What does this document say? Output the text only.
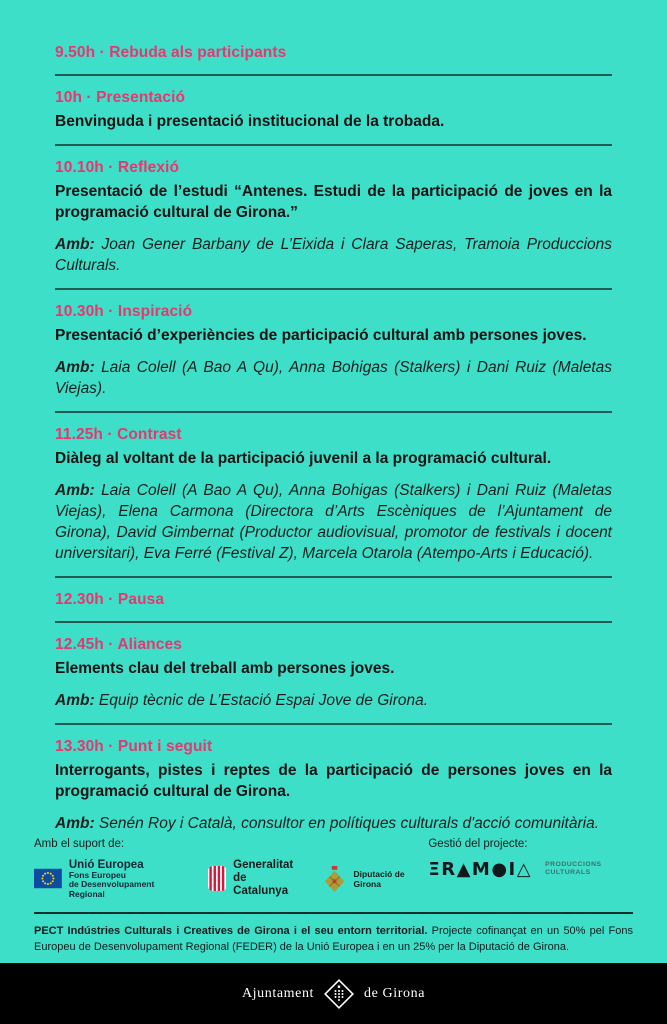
9.50h · Rebuda als participants
10h · Presentació

Benvinguda i presentació institucional de la trobada.

10.10h · Reflexió

Presentació de l’estudi “Antenes. Estudi de la participació de joves en la programació cultural de Girona.”

Amb: Joan Gener Barbany de L’Eixida i Clara Saperas, Tramoia Produccions Culturals.

10.30h · Inspiració

Presentació d’experiències de participació cultural amb persones joves.

Amb: Laia Colell (A Bao A Qu), Anna Bohigas (Stalkers) i Dani Ruiz (Maletas Viejas).

11.25h · Contrast

Diàleg al voltant de la participació juvenil a la programació cultural.

Amb: Laia Colell (A Bao A Qu), Anna Bohigas (Stalkers) i Dani Ruiz (Maletas Viejas), Elena Carmona (Directora d’Arts Escèniques de l’Ajuntament de Girona), David Gimbernat (Productor audiovisual, promotor de festivals i docent universitari), Eva Ferré (Festival Z), Marcela Otarola (Atempo-Arts i Educació).

12.30h · Pausa
12.45h · Aliances

Elements clau del treball amb persones joves.

Amb: Equip tècnic de L’Estació Espai Jove de Girona.

13.30h · Punt i seguit

Interrogants, pistes i reptes de la participació de persones joves en la programació cultural de Girona.

Amb: Senén Roy i Català, consultor en polítiques culturals d'acció comunitària.

Amb el suport de:
Unió Europea
Fons Europeu
de Desenvolupament Regional
Generalitat
de Catalunya
Diputació de Girona
Gestió del projecte:
ΞR▲M●I△ PRODUCCIONS
CULTURALS

PECT Indústries Culturals i Creatives de Girona i el seu entorn territorial. Projecte cofinançat en un 50% pel Fons Europeu de Desenvolupament Regional (FEDER) de la Unió Europea i en un 25% per la Diputació de Girona.

Ajuntament	de Girona
